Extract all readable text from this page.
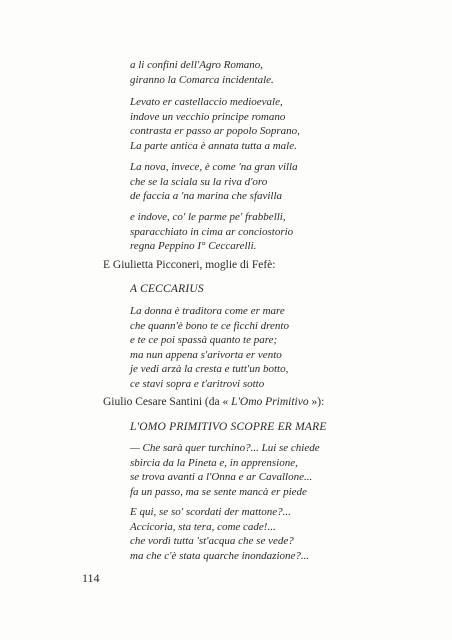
a li confini dell'Agro Romano,
giranno la Comarca incidentale.
Levato er castellaccio medioevale,
indove un vecchio principe romano
contrasta er passo ar popolo Soprano,
La parte antica è annata tutta a male.
La nova, invece, è come 'na gran villa
che se la sciala su la riva d'oro
de faccia a 'na marina che sfavilla
e indove, co' le parme pe' frabbelli,
sparacchiato in cima ar conciostorio
regna Peppino I° Ceccarelli.
E Giulietta Picconeri, moglie di Fefè:
A CECCARIUS
La donna è traditora come er mare
che quann'è bono te ce ficchi drento
e te ce poi spassà quanto te pare;
ma nun appena s'arivorta er vento
je vedi arzà la cresta e tutt'un botto,
ce stavi sopra e t'aritrovi sotto
Giulio Cesare Santini (da « L'Omo Primitivo »):
L'OMO PRIMITIVO SCOPRE ER MARE
— Che sarà quer turchino?... Lui se chiede
sbircia da la Pineta e, in apprensione,
se trova avanti a l'Onna e ar Cavallone...
fa un passo, ma se sente mancà er piede
E qui, se so' scordati der mattone?...
Accicoria, sta tera, come cade!...
che vordì tutta 'st'acqua che se vede?
ma che c'è stata quarche inondazione?...
114
